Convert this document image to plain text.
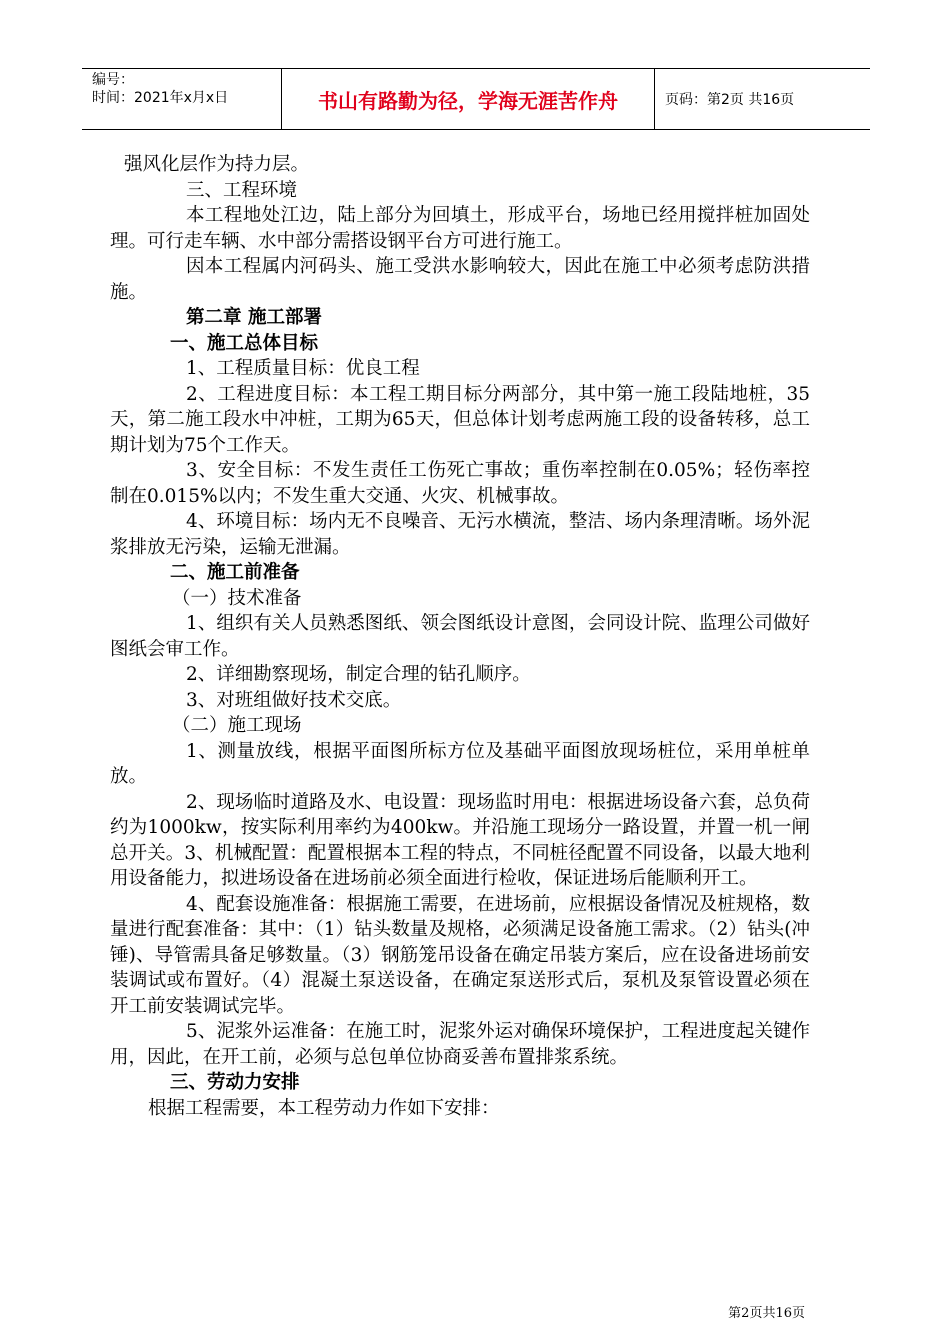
编号：
时间：2021年x月x日	书山有路勤为径，学海无涯苦作舟	页码：第2页 共16页

强风化层作为持力层。

三、工程环境

本工程地处江边，陆上部分为回填土，形成平台，场地已经用搅拌桩加固处理。可行走车辆、水中部分需搭设钢平台方可进行施工。

因本工程属内河码头、施工受洪水影响较大，因此在施工中必须考虑防洪措施。

第二章 施工部署

一、施工总体目标

1、工程质量目标：优良工程

2、工程进度目标：本工程工期目标分两部分，其中第一施工段陆地桩，35天，第二施工段水中冲桩，工期为65天，但总体计划考虑两施工段的设备转移，总工期计划为75个工作天。

3、安全目标：不发生责任工伤死亡事故；重伤率控制在0.05%；轻伤率控制在0.015%以内；不发生重大交通、火灾、机械事故。

4、环境目标：场内无不良噪音、无污水横流，整洁、场内条理清晰。场外泥浆排放无污染，运输无泄漏。

二、施工前准备

（一）技术准备

1、组织有关人员熟悉图纸、领会图纸设计意图，会同设计院、监理公司做好图纸会审工作。

2、详细勘察现场，制定合理的钻孔顺序。

3、对班组做好技术交底。

（二）施工现场

1、测量放线，根据平面图所标方位及基础平面图放现场桩位，采用单桩单放。

2、现场临时道路及水、电设置：现场监时用电：根据进场设备六套，总负荷约为1000kw，按实际利用率约为400kw。并沿施工现场分一路设置，并置一机一闸总开关。3、机械配置：配置根据本工程的特点，不同桩径配置不同设备，以最大地利用设备能力，拟进场设备在进场前必须全面进行检收，保证进场后能顺利开工。

4、配套设施准备：根据施工需要，在进场前，应根据设备情况及桩规格，数量进行配套准备：其中：（1）钻头数量及规格，必须满足设备施工需求。（2）钻头(冲锤)、导管需具备足够数量。（3）钢筋笼吊设备在确定吊装方案后，应在设备进场前安装调试或布置好。（4）混凝土泵送设备，在确定泵送形式后，泵机及泵管设置必须在开工前安装调试完毕。

5、泥浆外运准备：在施工时，泥浆外运对确保环境保护，工程进度起关键作用，因此，在开工前，必须与总包单位协商妥善布置排浆系统。

三、劳动力安排

根据工程需要，本工程劳动力作如下安排：

第2页共16页
